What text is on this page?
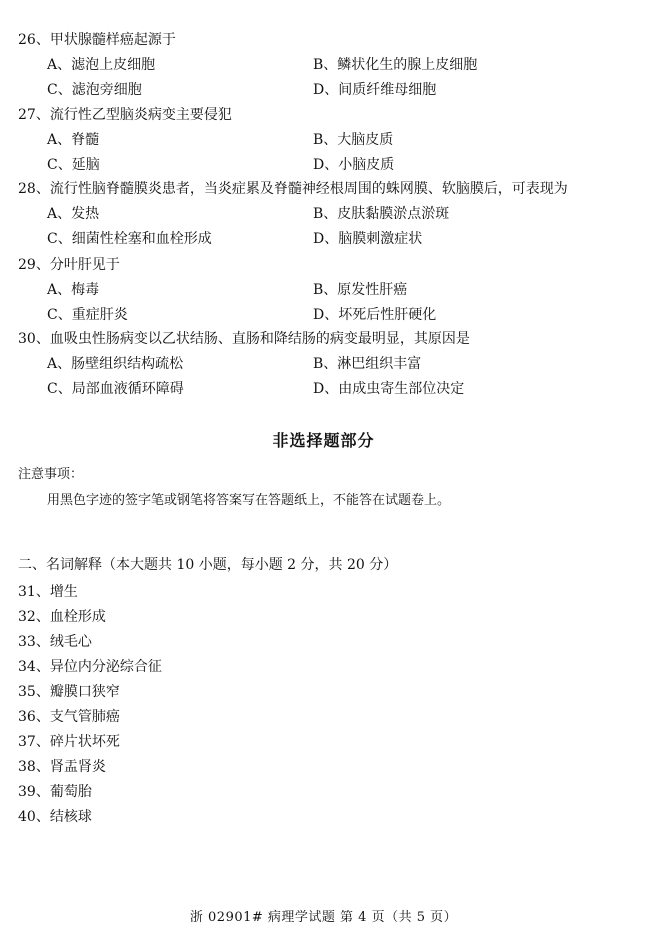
26、甲状腺髓样癌起源于
A、滤泡上皮细胞	B、鳞状化生的腺上皮细胞
C、滤泡旁细胞	D、间质纤维母细胞
27、流行性乙型脑炎病变主要侵犯
A、脊髓	B、大脑皮质
C、延脑	D、小脑皮质
28、流行性脑脊髓膜炎患者，当炎症累及脊髓神经根周围的蛛网膜、软脑膜后，可表现为
A、发热	B、皮肤黏膜淤点淤斑
C、细菌性栓塞和血栓形成	D、脑膜刺激症状
29、分叶肝见于
A、梅毒	B、原发性肝癌
C、重症肝炎	D、坏死后性肝硬化
30、血吸虫性肠病变以乙状结肠、直肠和降结肠的病变最明显，其原因是
A、肠壁组织结构疏松	B、淋巴组织丰富
C、局部血液循环障碍	D、由成虫寄生部位决定
非选择题部分
注意事项：
用黑色字迹的签字笔或钢笔将答案写在答题纸上，不能答在试题卷上。
二、名词解释（本大题共 10 小题，每小题 2 分，共 20 分）
31、增生
32、血栓形成
33、绒毛心
34、异位内分泌综合征
35、瓣膜口狭窄
36、支气管肺癌
37、碎片状坏死
38、肾盂肾炎
39、葡萄胎
40、结核球
浙 02901# 病理学试题 第 4 页（共 5 页）
